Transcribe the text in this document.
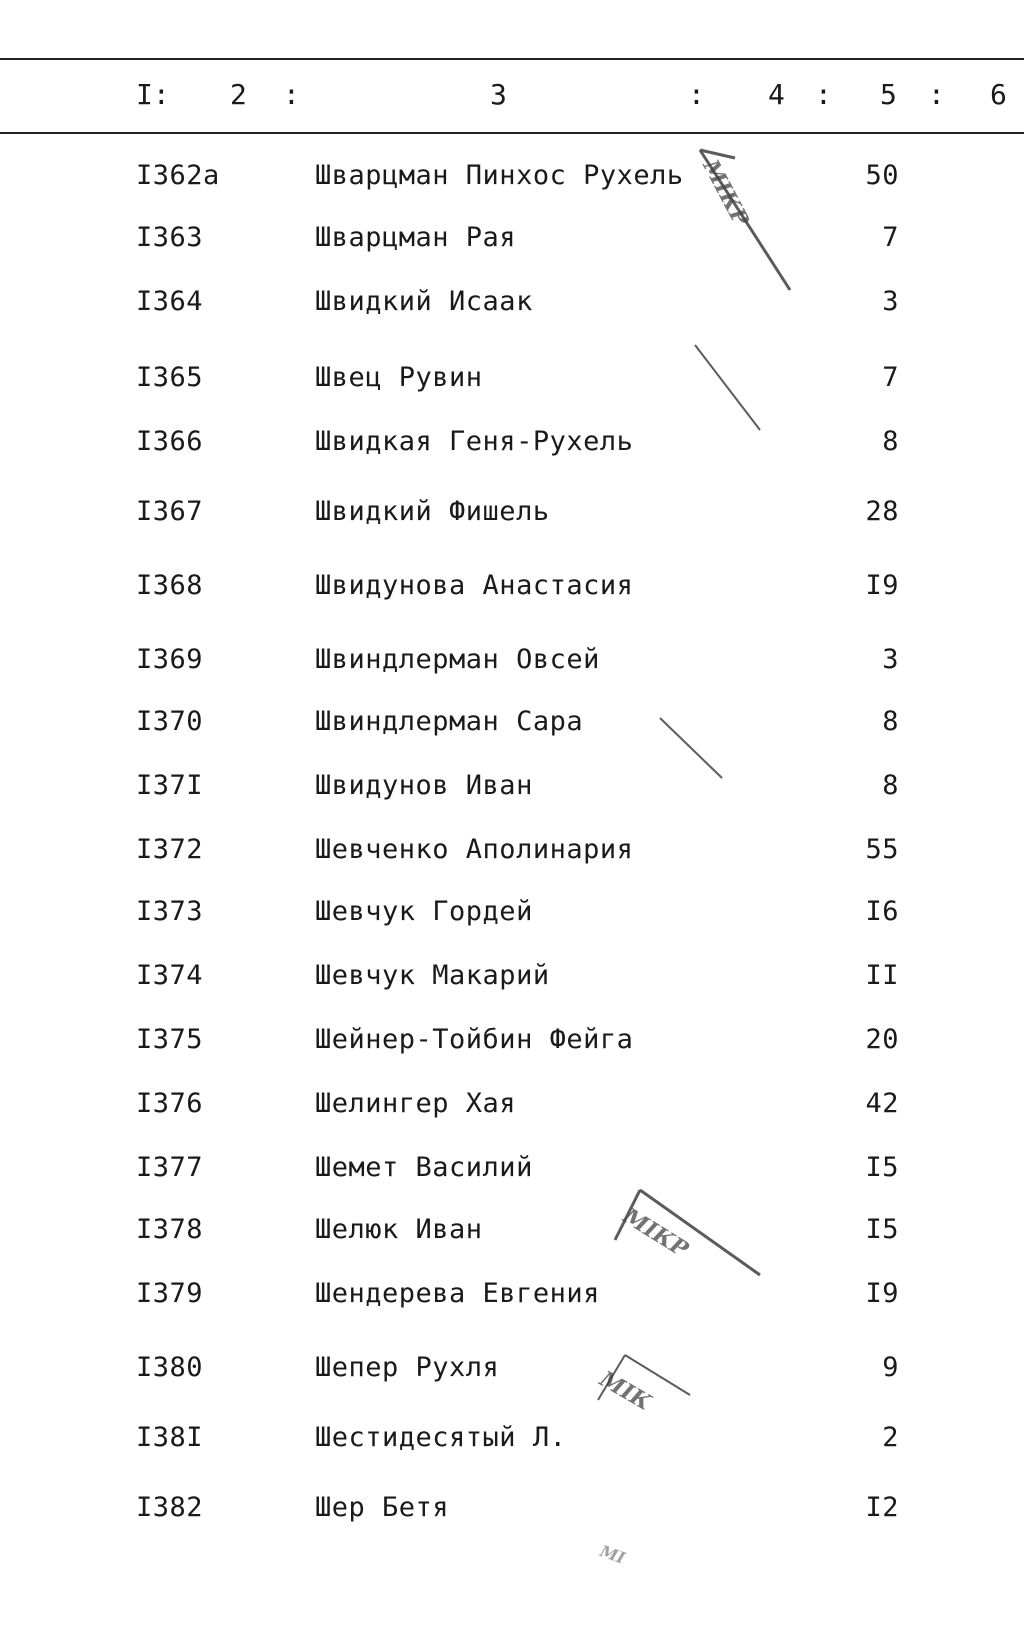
I: 2 :	3	: 4 : 5 : 6
I362a	Шварцман Пинхос Рухель	50
I363	Шварцман Рая	7
I364	Швидкий Исаак	3
I365	Швец Рувин	7
I366	Швидкая Геня-Рухель	8
I367	Швидкий Фишель	28
I368	Швидунова Анастасия	I9
I369	Швиндлерман Овсей	3
I370	Швиндлерман Сара	8
I37I	Швидунов Иван	8
I372	Шевченко Аполинария	55
I373	Шевчук Гордей	I6
I374	Шевчук Макарий	II
I375	Шейнер-Тойбин Фейга	20
I376	Шелингер Хая	42
I377	Шемет Василий	I5
I378	Шелюк Иван	I5
I379	Шендерева Евгения	I9
I380	Шепер Рухля	9
I38I	Шестидесятый Л.	2
I382	Шер Бетя	I2
МІКР
МІКР
МІК
МІ
